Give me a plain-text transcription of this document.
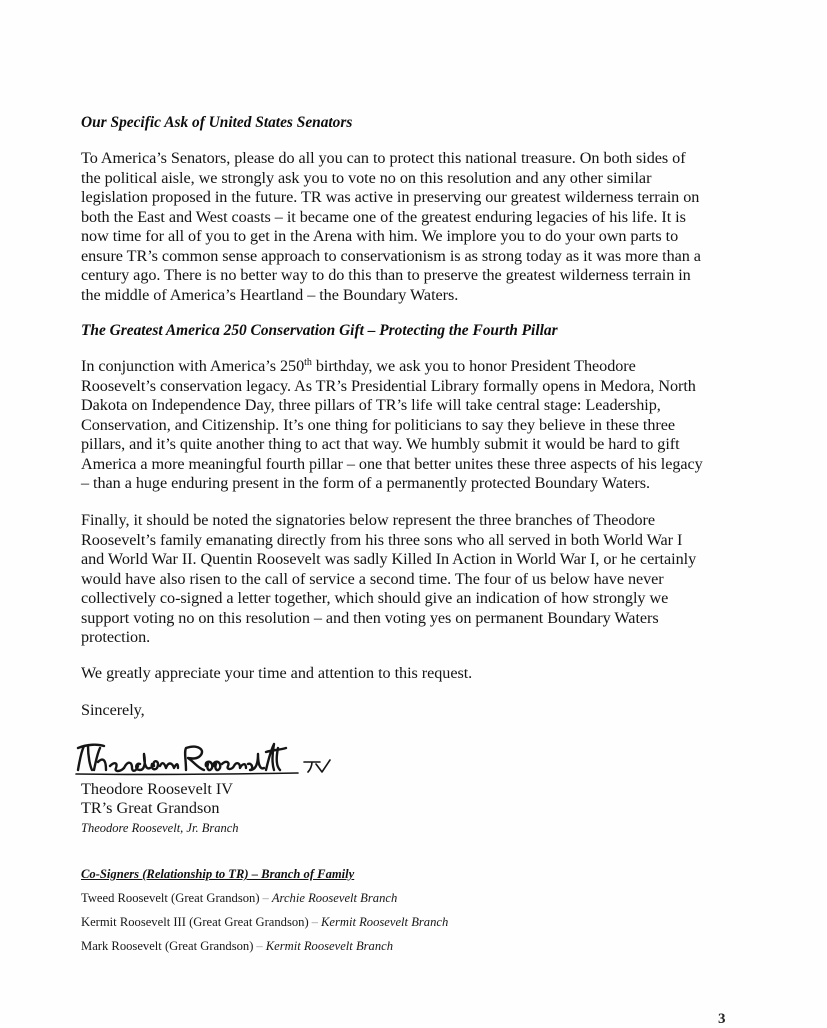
Our Specific Ask of United States Senators
To America’s Senators, please do all you can to protect this national treasure. On both sides of
the political aisle, we strongly ask you to vote no on this resolution and any other similar
legislation proposed in the future. TR was active in preserving our greatest wilderness terrain on
both the East and West coasts – it became one of the greatest enduring legacies of his life. It is
now time for all of you to get in the Arena with him. We implore you to do your own parts to
ensure TR’s common sense approach to conservationism is as strong today as it was more than a
century ago. There is no better way to do this than to preserve the greatest wilderness terrain in
the middle of America’s Heartland – the Boundary Waters.
The Greatest America 250 Conservation Gift – Protecting the Fourth Pillar
In conjunction with America’s 250th birthday, we ask you to honor President Theodore
Roosevelt’s conservation legacy. As TR’s Presidential Library formally opens in Medora, North
Dakota on Independence Day, three pillars of TR’s life will take central stage: Leadership,
Conservation, and Citizenship. It’s one thing for politicians to say they believe in these three
pillars, and it’s quite another thing to act that way. We humbly submit it would be hard to gift
America a more meaningful fourth pillar – one that better unites these three aspects of his legacy
– than a huge enduring present in the form of a permanently protected Boundary Waters.
Finally, it should be noted the signatories below represent the three branches of Theodore
Roosevelt’s family emanating directly from his three sons who all served in both World War I
and World War II. Quentin Roosevelt was sadly Killed In Action in World War I, or he certainly
would have also risen to the call of service a second time. The four of us below have never
collectively co-signed a letter together, which should give an indication of how strongly we
support voting no on this resolution – and then voting yes on permanent Boundary Waters
protection.
We greatly appreciate your time and attention to this request.
Sincerely,
Theodore Roosevelt IV
TR’s Great Grandson
Theodore Roosevelt, Jr. Branch
Co-Signers (Relationship to TR) – Branch of Family
Tweed Roosevelt (Great Grandson) – Archie Roosevelt Branch
Kermit Roosevelt III (Great Great Grandson) – Kermit Roosevelt Branch
Mark Roosevelt (Great Grandson) – Kermit Roosevelt Branch
3
